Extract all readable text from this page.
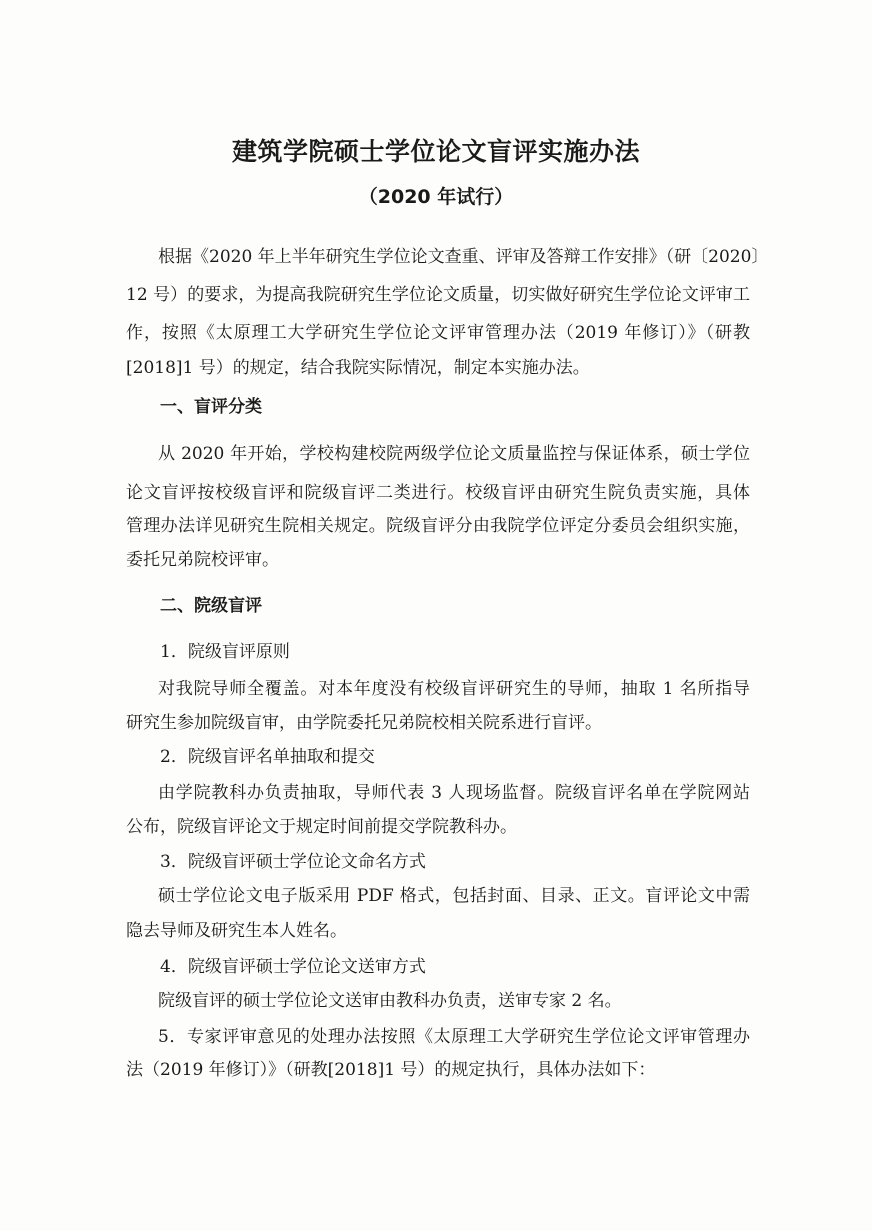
建筑学院硕士学位论文盲评实施办法
（2020 年试行）
根据《2020 年上半年研究生学位论文查重、评审及答辩工作安排》（研〔2020〕
12 号）的要求，为提高我院研究生学位论文质量，切实做好研究生学位论文评审工
作，按照《太原理工大学研究生学位论文评审管理办法（2019 年修订）》（研教
[2018]1 号）的规定，结合我院实际情况，制定本实施办法。
一、盲评分类
从 2020 年开始，学校构建校院两级学位论文质量监控与保证体系，硕士学位
论文盲评按校级盲评和院级盲评二类进行。校级盲评由研究生院负责实施，具体
管理办法详见研究生院相关规定。院级盲评分由我院学位评定分委员会组织实施，
委托兄弟院校评审。
二、院级盲评
1．院级盲评原则
对我院导师全覆盖。对本年度没有校级盲评研究生的导师，抽取 1 名所指导
研究生参加院级盲审，由学院委托兄弟院校相关院系进行盲评。
2．院级盲评名单抽取和提交
由学院教科办负责抽取，导师代表 3 人现场监督。院级盲评名单在学院网站
公布，院级盲评论文于规定时间前提交学院教科办。
3．院级盲评硕士学位论文命名方式
硕士学位论文电子版采用 PDF 格式，包括封面、目录、正文。盲评论文中需
隐去导师及研究生本人姓名。
4．院级盲评硕士学位论文送审方式
院级盲评的硕士学位论文送审由教科办负责，送审专家 2 名。
5．专家评审意见的处理办法按照《太原理工大学研究生学位论文评审管理办
法（2019 年修订）》（研教[2018]1 号）的规定执行，具体办法如下：
